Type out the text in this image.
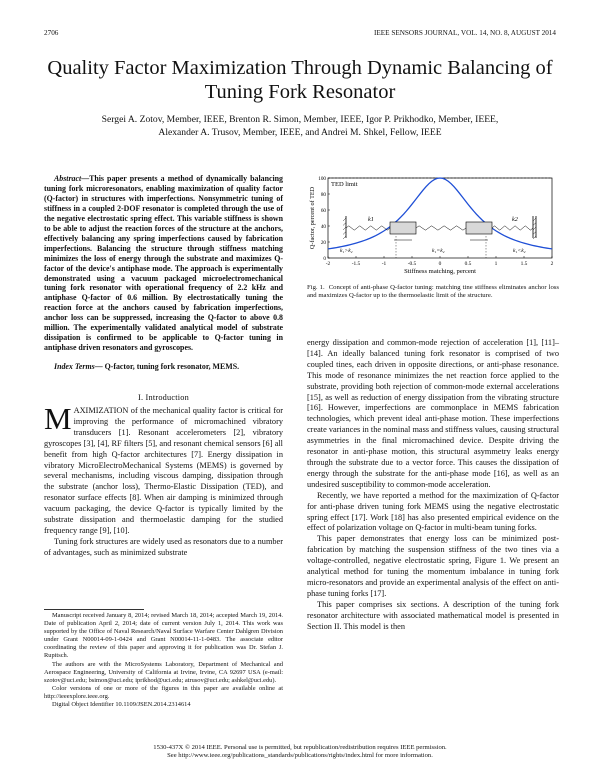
2706	IEEE SENSORS JOURNAL, VOL. 14, NO. 8, AUGUST 2014
Quality Factor Maximization Through Dynamic Balancing of Tuning Fork Resonator
Sergei A. Zotov, Member, IEEE, Brenton R. Simon, Member, IEEE, Igor P. Prikhodko, Member, IEEE,
Alexander A. Trusov, Member, IEEE, and Andrei M. Shkel, Fellow, IEEE

Abstract—This paper presents a method of dynamically balancing tuning fork microresonators, enabling maximization of quality factor (Q-factor) in structures with imperfections. Nonsymmetric tuning of stiffness in a coupled 2-DOF resonator is completed through the use of the negative electrostatic spring effect. This variable stiffness is shown to be able to adjust the reaction forces of the structure at the anchors, effectively balancing any spring imperfections caused by fabrication imperfections. Balancing the structure through stiffness matching minimizes the loss of energy through the substrate and maximizes Q-factor of the device's antiphase mode. The approach is experimentally demonstrated using a vacuum packaged microelectromechanical tuning fork resonator with operational frequency of 2.2 kHz and antiphase Q-factor of 0.6 million. By electrostatically tuning the reaction force at the anchors caused by fabrication imperfections, anchor loss can be suppressed, increasing the Q-factor to above 0.8 million. The experimentally validated analytical model of substrate dissipation is confirmed to be applicable to Q-factor tuning in antiphase driven resonators and gyroscopes.

Index Terms— Q-factor, tuning fork resonator, MEMS.

I. Introduction

MAXIMIZATION of the mechanical quality factor is critical for improving the performance of micromachined vibratory transducers [1]. Resonant accelerometers [2], vibratory gyroscopes [3], [4], RF filters [5], and resonant chemical sensors [6] all benefit from high Q-factor architectures [7]. Energy dissipation in vibratory MicroElectroMechanical Systems (MEMS) is governed by several mechanisms, including viscous damping, dissipation through the substrate (anchor loss), Thermo-Elastic Dissipation (TED), and resonator surface effects [8]. When air damping is minimized through vacuum packaging, the device Q-factor is typically limited by the substrate dissipation and thermoelastic damping for the studied frequency range [9], [10].

Tuning fork structures are widely used as resonators due to a number of advantages, such as minimized substrate

Manuscript received January 8, 2014; revised March 18, 2014; accepted March 19, 2014. Date of publication April 2, 2014; date of current version July 1, 2014. This work was supported by the Office of Naval Research/Naval Surface Warfare Center Dahlgren Division under Grant N00014-09-1-0424 and Grant N00014-11-1-0483. The associate editor coordinating the review of this paper and approving it for publication was Dr. Stefan J. Rupitsch.

The authors are with the MicroSystems Laboratory, Department of Mechanical and Aerospace Engineering, University of California at Irvine, Irvine, CA 92697 USA (e-mail: szotov@uci.edu; bsimon@uci.edu; iprikhod@uci.edu; atrusov@uci.edu; ashkel@uci.edu).

Color versions of one or more of the figures in this paper are available online at http://ieeexplore.ieee.org.

Digital Object Identifier 10.1109/JSEN.2014.2314614

TED limit
0
20
40
60
80
100
-2	-1.5	-1	-0.5	0	0.5	1	1.5	2
Stiffness matching, percent
Q-factor, percent of TED	k1	k2
k₁>k₂	k₁=k₂	k₁<k₂
Fig. 1. Concept of anti-phase Q-factor tuning: matching tine stiffness eliminates anchor loss and maximizes Q-factor up to the thermoelastic limit of the structure.

energy dissipation and common-mode rejection of acceleration [1], [11]–[14]. An ideally balanced tuning fork resonator is comprised of two coupled tines, each driven in opposite directions, or anti-phase resonance. This mode of resonance minimizes the net reaction force applied to the substrate, providing both rejection of common-mode external accelerations [15], as well as reduction of energy dissipation from the vibrating structure [16]. However, imperfections are commonplace in MEMS fabrication technologies, which prevent ideal anti-phase motion. These imperfections create variances in the nominal mass and stiffness values, causing structural asymmetries in the final micromachined device. Despite driving the resonator in anti-phase motion, this structural asymmetry leaks energy through the substrate due to a vector force. This causes the dissipation of energy through the substrate for the anti-phase mode [16], as well as an undesired susceptibility to common-mode acceleration.

Recently, we have reported a method for the maximization of Q-factor for anti-phase driven tuning fork MEMS using the negative electrostatic spring effect [17]. Work [18] has also presented empirical evidence on the effect of polarization voltage on Q-factor in multi-beam tuning forks.

This paper demonstrates that energy loss can be minimized post-fabrication by matching the suspension stiffness of the two tines via a voltage-controlled, negative electrostatic spring, Figure 1. We present an analytical method for tuning the momentum imbalance in tuning fork micro-resonators and provide an experimental analysis of the effect on anti-phase tuning forks [17].

This paper comprises six sections. A description of the tuning fork resonator architecture with associated mathematical model is presented in Section II. This model is then

1530-437X © 2014 IEEE. Personal use is permitted, but republication/redistribution requires IEEE permission.
See http://www.ieee.org/publications_standards/publications/rights/index.html for more information.
